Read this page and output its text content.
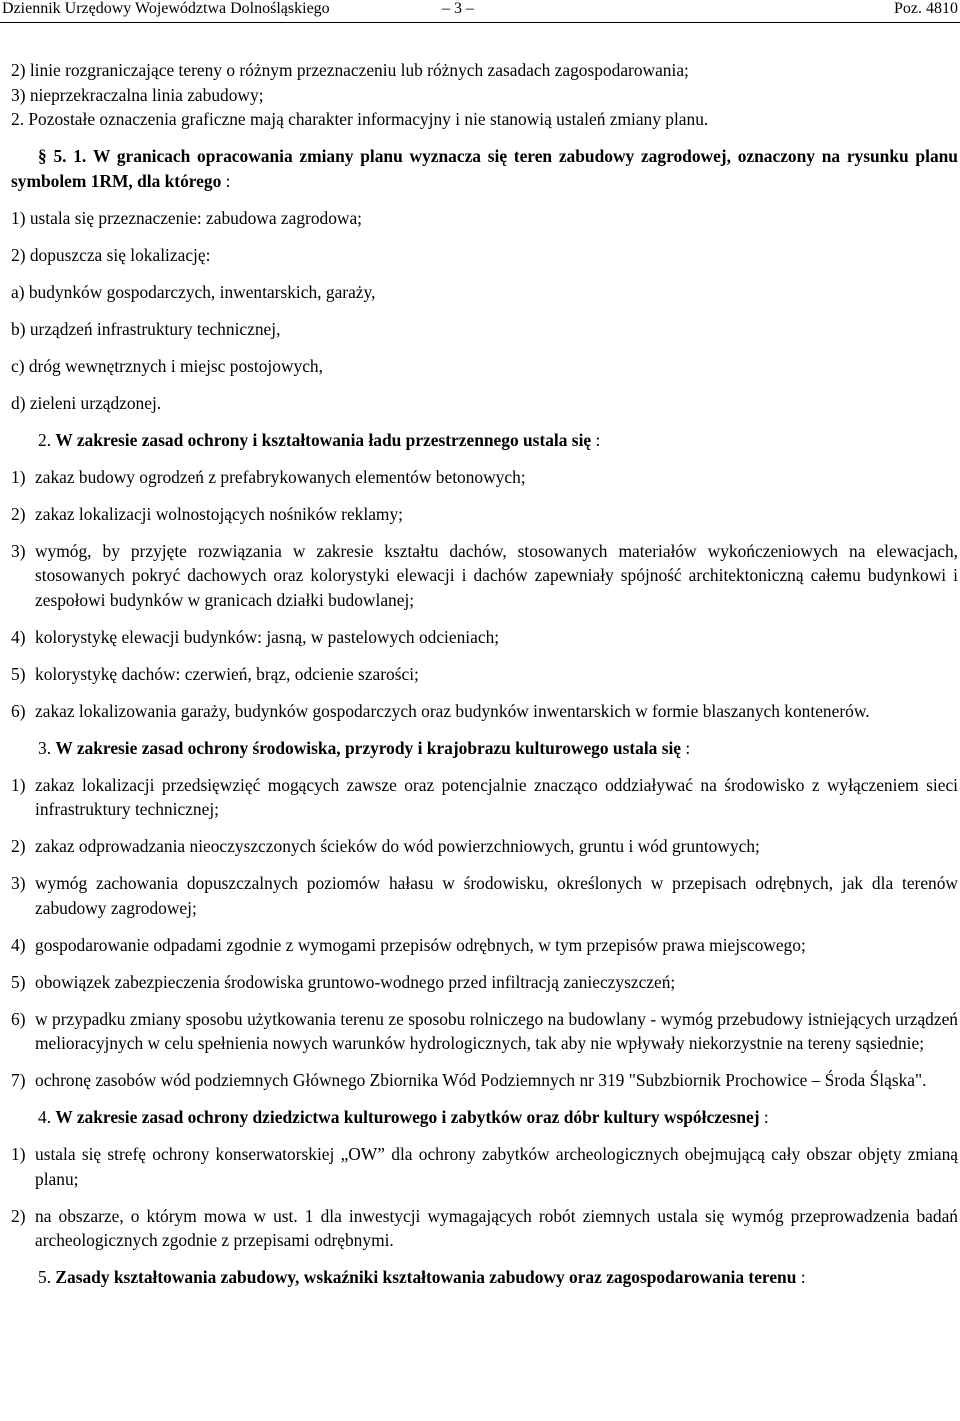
Dziennik Urzędowy Województwa Dolnośląskiego	– 3 –	Poz. 4810

2) linie rozgraniczające tereny o różnym przeznaczeniu lub różnych zasadach zagospodarowania;

3) nieprzekraczalna linia zabudowy;

2. Pozostałe oznaczenia graficzne mają charakter informacyjny i nie stanowią ustaleń zmiany planu.

§ 5. 1. W granicach opracowania zmiany planu wyznacza się teren zabudowy zagrodowej, oznaczony na rysunku planu symbolem 1RM, dla którego :

1) ustala się przeznaczenie: zabudowa zagrodowa;

2) dopuszcza się lokalizację:

a) budynków gospodarczych, inwentarskich, garaży,

b) urządzeń infrastruktury technicznej,

c) dróg wewnętrznych i miejsc postojowych,

d) zieleni urządzonej.

2. W zakresie zasad ochrony i kształtowania ładu przestrzennego ustala się :

1) zakaz budowy ogrodzeń z prefabrykowanych elementów betonowych;
2) zakaz lokalizacji wolnostojących nośników reklamy;
3) wymóg, by przyjęte rozwiązania w zakresie kształtu dachów, stosowanych materiałów wykończeniowych na elewacjach, stosowanych pokryć dachowych oraz kolorystyki elewacji i dachów zapewniały spójność architektoniczną całemu budynkowi i zespołowi budynków w granicach działki budowlanej;
4) kolorystykę elewacji budynków: jasną, w pastelowych odcieniach;
5) kolorystykę dachów: czerwień, brąz, odcienie szarości;
6) zakaz lokalizowania garaży, budynków gospodarczych oraz budynków inwentarskich w formie blaszanych kontenerów.

3. W zakresie zasad ochrony środowiska, przyrody i krajobrazu kulturowego ustala się :

1) zakaz lokalizacji przedsięwzięć mogących zawsze oraz potencjalnie znacząco oddziaływać na środowisko z wyłączeniem sieci infrastruktury technicznej;
2) zakaz odprowadzania nieoczyszczonych ścieków do wód powierzchniowych, gruntu i wód gruntowych;
3) wymóg zachowania dopuszczalnych poziomów hałasu w środowisku, określonych w przepisach odrębnych, jak dla terenów zabudowy zagrodowej;
4) gospodarowanie odpadami zgodnie z wymogami przepisów odrębnych, w tym przepisów prawa miejscowego;
5) obowiązek zabezpieczenia środowiska gruntowo-wodnego przed infiltracją zanieczyszczeń;
6) w przypadku zmiany sposobu użytkowania terenu ze sposobu rolniczego na budowlany - wymóg przebudowy istniejących urządzeń melioracyjnych w celu spełnienia nowych warunków hydrologicznych, tak aby nie wpływały niekorzystnie na tereny sąsiednie;
7) ochronę zasobów wód podziemnych Głównego Zbiornika Wód Podziemnych nr 319 "Subzbiornik Prochowice – Środa Śląska".

4. W zakresie zasad ochrony dziedzictwa kulturowego i zabytków oraz dóbr kultury współczesnej :

1) ustala się strefę ochrony konserwatorskiej „OW” dla ochrony zabytków archeologicznych obejmującą cały obszar objęty zmianą planu;
2) na obszarze, o którym mowa w ust. 1 dla inwestycji wymagających robót ziemnych ustala się wymóg przeprowadzenia badań archeologicznych zgodnie z przepisami odrębnymi.

5. Zasady kształtowania zabudowy, wskaźniki kształtowania zabudowy oraz zagospodarowania terenu :
